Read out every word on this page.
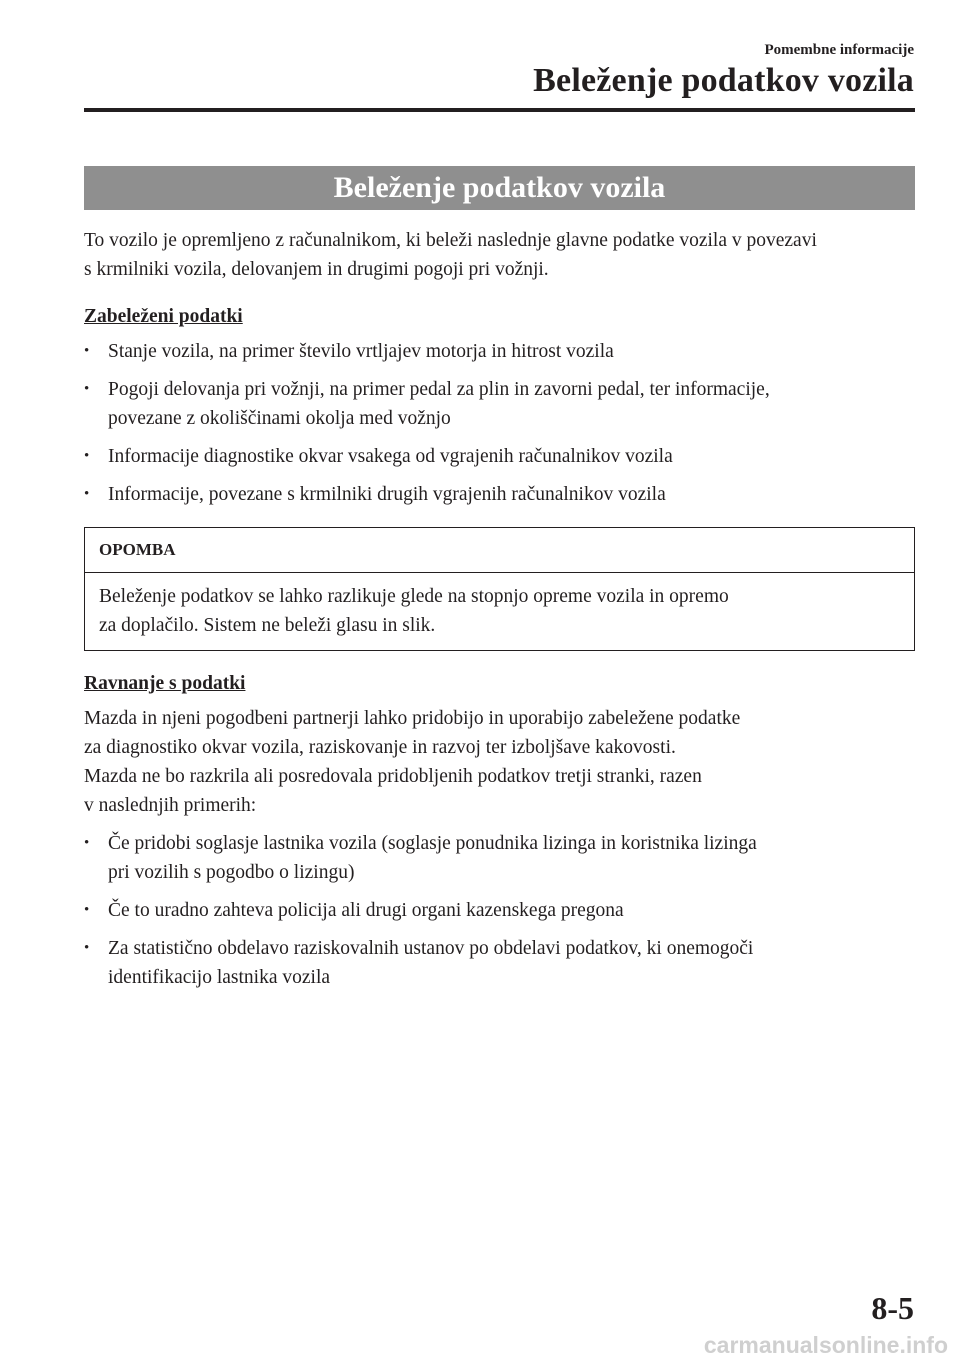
Pomembne informacije
Beleženje podatkov vozila
Beleženje podatkov vozila

To vozilo je opremljeno z računalnikom, ki beleži naslednje glavne podatke vozila v povezavi
s krmilniki vozila, delovanjem in drugimi pogoji pri vožnji.

Zabeleženi podatki
• Stanje vozila, na primer število vrtljajev motorja in hitrost vozila
• Pogoji delovanja pri vožnji, na primer pedal za plin in zavorni pedal, ter informacije,
povezane z okoliščinami okolja med vožnjo
• Informacije diagnostike okvar vsakega od vgrajenih računalnikov vozila
• Informacije, povezane s krmilniki drugih vgrajenih računalnikov vozila
OPOMBA
Beleženje podatkov se lahko razlikuje glede na stopnjo opreme vozila in opremo
za doplačilo. Sistem ne beleži glasu in slik.
Ravnanje s podatki

Mazda in njeni pogodbeni partnerji lahko pridobijo in uporabijo zabeležene podatke
za diagnostiko okvar vozila, raziskovanje in razvoj ter izboljšave kakovosti.
Mazda ne bo razkrila ali posredovala pridobljenih podatkov tretji stranki, razen
v naslednjih primerih:

• Če pridobi soglasje lastnika vozila (soglasje ponudnika lizinga in koristnika lizinga
pri vozilih s pogodbo o lizingu)
• Če to uradno zahteva policija ali drugi organi kazenskega pregona
• Za statistično obdelavo raziskovalnih ustanov po obdelavi podatkov, ki onemogoči
identifikacijo lastnika vozila
8-5
carmanualsonline.info
